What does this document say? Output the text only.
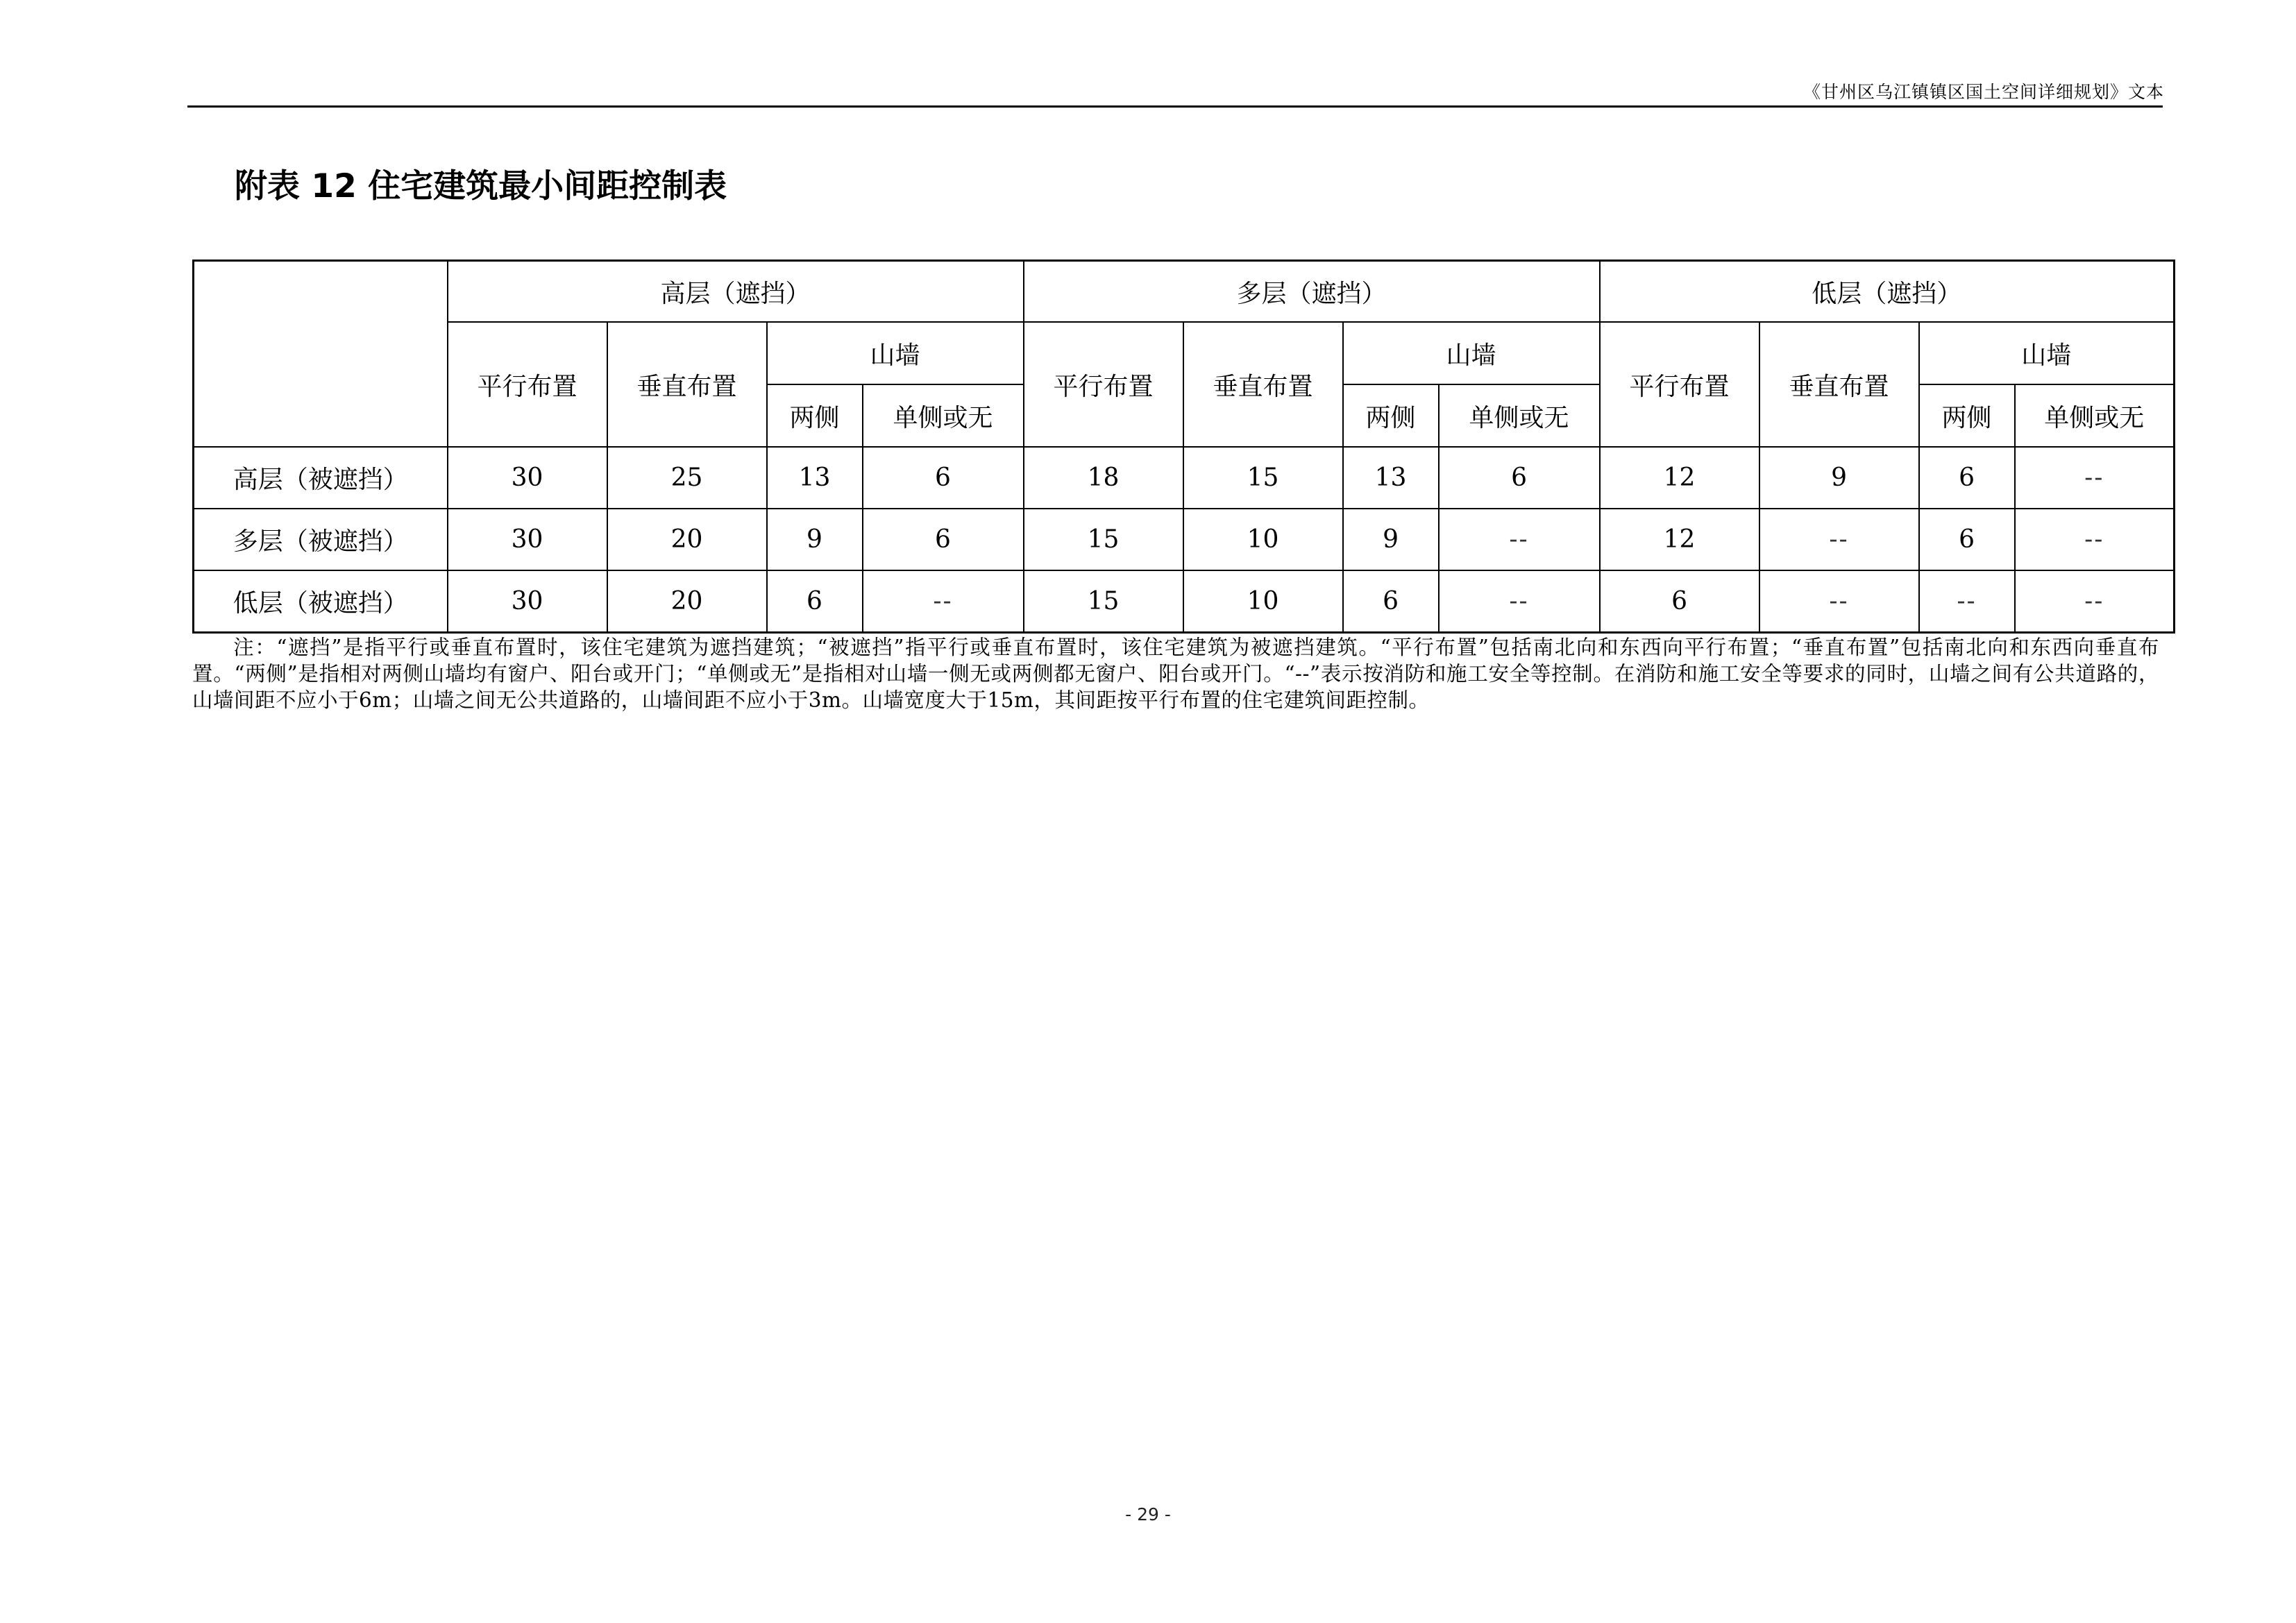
《甘州区乌江镇镇区国土空间详细规划》文本
附表 12 住宅建筑最小间距控制表
	高层（遮挡）				多层（遮挡）				低层（遮挡）			
	平行布置	垂直布置	山墙		平行布置	垂直布置	山墙		平行布置	垂直布置	山墙	
			两侧	单侧或无			两侧	单侧或无			两侧	单侧或无
高层（被遮挡）	30	25	13	6	18	15	13	6	12	9	6	--
多层（被遮挡）	30	20	9	6	15	10	9	--	12	--	6	--
低层（被遮挡）	30	20	6	--	15	10	6	--	6	--	--	--
注：“遮挡”是指平行或垂直布置时，该住宅建筑为遮挡建筑；“被遮挡”指平行或垂直布置时，该住宅建筑为被遮挡建筑。“平行布置”包括南北向和东西向平行布置；“垂直布置”包括南北向和东西向垂直布置。“两侧”是指相对两侧山墙均有窗户、阳台或开门；“单侧或无”是指相对山墙一侧无或两侧都无窗户、阳台或开门。“--”表示按消防和施工安全等控制。在消防和施工安全等要求的同时，山墙之间有公共道路的，山墙间距不应小于6m；山墙之间无公共道路的，山墙间距不应小于3m。山墙宽度大于15m，其间距按平行布置的住宅建筑间距控制。
- 29 -
